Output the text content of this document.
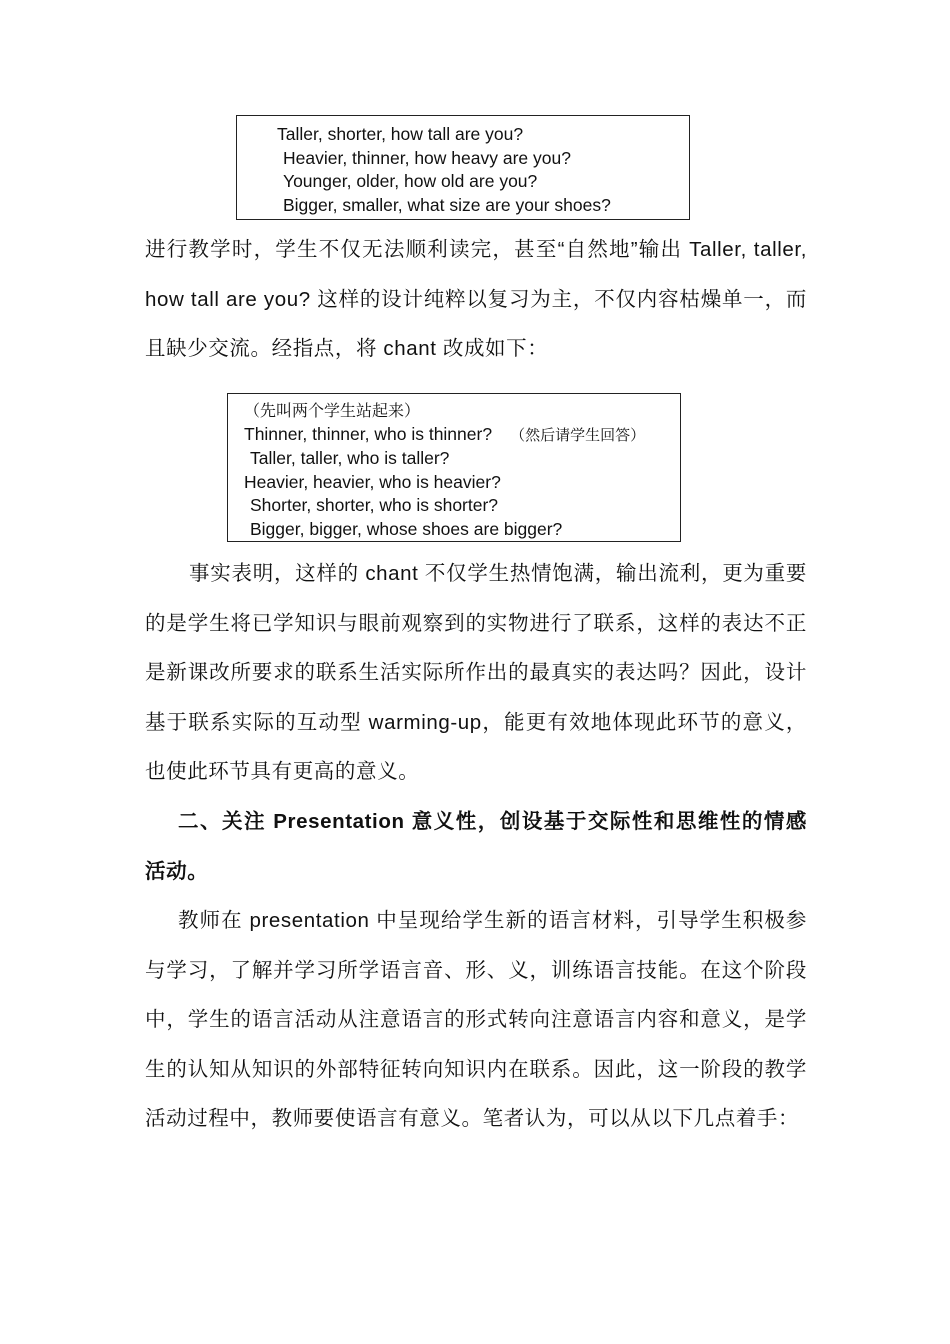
Taller, shorter, how tall are you?
Heavier, thinner, how heavy are you?
Younger, older, how old are you?
Bigger, smaller, what size are your shoes?
进行教学时，学生不仅无法顺利读完，甚至“自然地”输出 Taller, taller, how tall are you? 这样的设计纯粹以复习为主，不仅内容枯燥单一，而且缺少交流。经指点，将 chant 改成如下：
（先叫两个学生站起来）
Thinner, thinner, who is thinner? （然后请学生回答）
Taller, taller, who is taller?
Heavier, heavier, who is heavier?
Shorter, shorter, who is shorter?
Bigger, bigger, whose shoes are bigger?
事实表明，这样的 chant 不仅学生热情饱满，输出流利，更为重要的是学生将已学知识与眼前观察到的实物进行了联系，这样的表达不正是新课改所要求的联系生活实际所作出的最真实的表达吗？因此，设计基于联系实际的互动型 warming-up，能更有效地体现此环节的意义，也使此环节具有更高的意义。
二、关注 Presentation 意义性，创设基于交际性和思维性的情感活动。
教师在 presentation 中呈现给学生新的语言材料，引导学生积极参与学习，了解并学习所学语言音、形、义，训练语言技能。在这个阶段中，学生的语言活动从注意语言的形式转向注意语言内容和意义，是学生的认知从知识的外部特征转向知识内在联系。因此，这一阶段的教学活动过程中，教师要使语言有意义。笔者认为，可以从以下几点着手：
